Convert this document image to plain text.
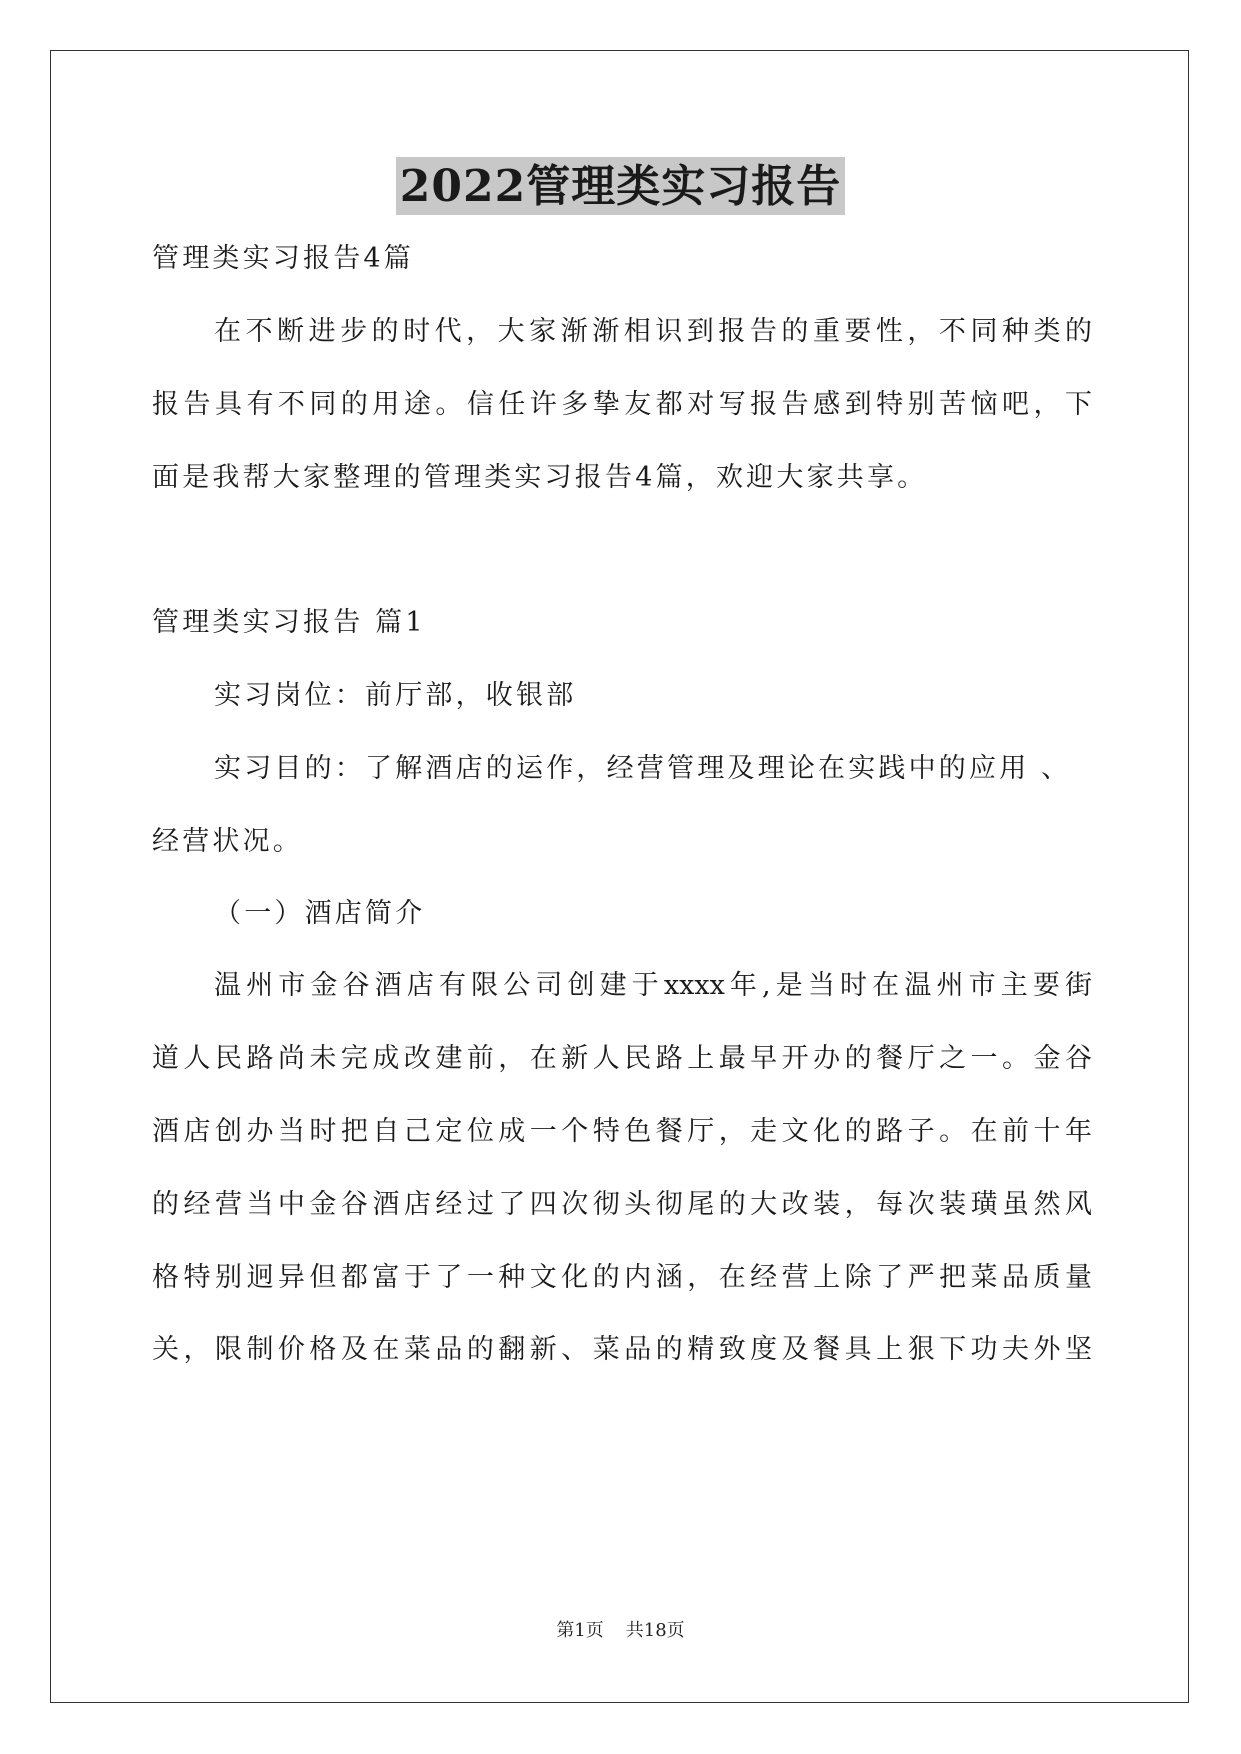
2022管理类实习报告

管理类实习报告4篇

在不断进步的时代，大家渐渐相识到报告的重要性，不同种类的

报告具有不同的用途。信任许多挚友都对写报告感到特别苦恼吧，下

面是我帮大家整理的管理类实习报告4篇，欢迎大家共享。

管理类实习报告 篇1

实习岗位：前厅部，收银部

实习目的：了解酒店的运作，经营管理及理论在实践中的应用 、

经营状况。

（一）酒店简介

温州市金谷酒店有限公司创建于xxxx年,是当时在温州市主要街

道人民路尚未完成改建前，在新人民路上最早开办的餐厅之一。金谷

酒店创办当时把自己定位成一个特色餐厅，走文化的路子。在前十年

的经营当中金谷酒店经过了四次彻头彻尾的大改装，每次装璜虽然风

格特别迥异但都富于了一种文化的内涵，在经营上除了严把菜品质量

关，限制价格及在菜品的翻新、菜品的精致度及餐具上狠下功夫外坚

第1页 共18页
